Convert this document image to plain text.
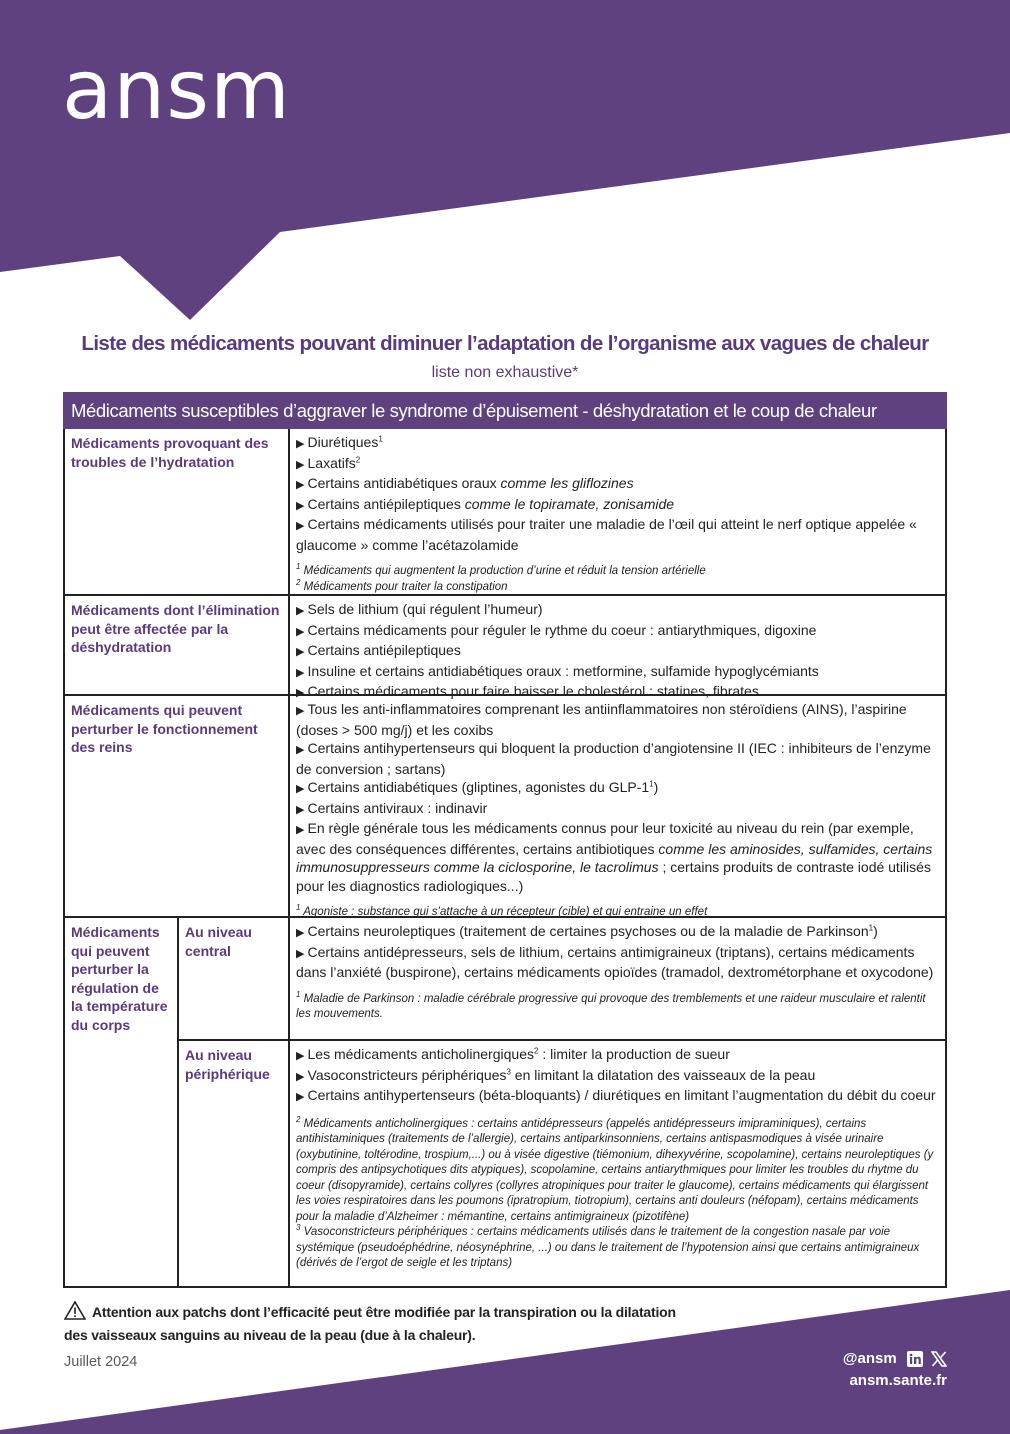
ansm
Liste des médicaments pouvant diminuer l’adaptation de l’organisme aux vagues de chaleur
liste non exhaustive*
Médicaments susceptibles d’aggraver le syndrome d’épuisement - déshydratation et le coup de chaleur
Médicaments provoquant des troubles de l’hydratation
▶ Diurétiques$^1$
▶ Laxatifs$^2$
▶ Certains antidiabétiques oraux comme les gliflozines
▶ Certains antiépileptiques comme le topiramate, zonisamide
▶ Certains médicaments utilisés pour traiter une maladie de l’œil qui atteint le nerf optique appelée « glaucome » comme l’acétazolamide
$^1$ Médicaments qui augmentent la production d’urine et réduit la tension artérielle
$^2$ Médicaments pour traiter la constipation
Médicaments dont l’élimination peut être affectée par la déshydratation
▶ Sels de lithium (qui régulent l’humeur)
▶ Certains médicaments pour réguler le rythme du coeur : antiarythmiques, digoxine
▶ Certains antiépileptiques
▶ Insuline et certains antidiabétiques oraux : metformine, sulfamide hypoglycémiants
▶ Certains médicaments pour faire baisser le cholestérol : statines, fibrates
Médicaments qui peuvent perturber le fonctionnement des reins
▶ Tous les anti-inflammatoires comprenant les antiinflammatoires non stéroïdiens (AINS), l’aspirine (doses > 500 mg/j) et les coxibs
▶ Certains antihypertenseurs qui bloquent la production d’angiotensine II (IEC : inhibiteurs de l’enzyme de conversion ; sartans)
▶ Certains antidiabétiques (gliptines, agonistes du GLP-$1^1$)
▶ Certains antiviraux : indinavir
▶ En règle générale tous les médicaments connus pour leur toxicité au niveau du rein (par exemple, avec des conséquences différentes, certains antibiotiques comme les aminosides, sulfamides, certains immunosuppresseurs comme la ciclosporine, le tacrolimus ; certains produits de contraste iodé utilisés pour les diagnostics radiologiques...)
$^1$ Agoniste : substance qui s’attache à un récepteur (cible) et qui entraine un effet
Médicaments qui peuvent perturber la régulation de la température du corps
Au niveau central
▶ Certains neuroleptiques (traitement de certaines psychoses ou de la maladie de Parkinson$^1$)
▶ Certains antidépresseurs, sels de lithium, certains antimigraineux (triptans), certains médicaments dans l’anxiété (buspirone), certains médicaments opioïdes (tramadol, dextrométorphane et oxycodone)
$^1$ Maladie de Parkinson : maladie cérébrale progressive qui provoque des tremblements et une raideur musculaire et ralentit les mouvements.
Au niveau périphérique
▶ Les médicaments anticholinergiques$^2$ : limiter la production de sueur
▶ Vasoconstricteurs périphériques$^3$ en limitant la dilatation des vaisseaux de la peau
▶ Certains antihypertenseurs (béta-bloquants) / diurétiques en limitant l’augmentation du débit du coeur
$^2$ Médicaments anticholinergiques : certains antidépresseurs (appelés antidépresseurs imipraminiques), certains antihistaminiques (traitements de l’allergie), certains antiparkinsonniens, certains antispasmodiques à visée urinaire (oxybutinine, toltérodine, trospium,...) ou à visée digestive (tiémonium, dihexyvérine, scopolamine), certains neuroleptiques (y compris des antipsychotiques dits atypiques), scopolamine, certains antiarythmiques pour limiter les troubles du rhytme du coeur (disopyramide), certains collyres (collyres atropiniques pour traiter le glaucome), certains médicaments qui élargissent les voies respiratoires dans les poumons (ipratropium, tiotropium), certains anti douleurs (néfopam), certains médicaments pour la maladie d’Alzheimer : mémantine, certains antimigraineux (pizotifène)
$^3$ Vasoconstricteurs périphériques : certains médicaments utilisés dans le traitement de la congestion nasale par voie systémique (pseudoéphédrine, néosynéphrine, ...) ou dans le traitement de l’hypotension ainsi que certains antimigraineux (dérivés de l’ergot de seigle et les triptans)
Attention aux patchs dont l’efficacité peut être modifiée par la transpiration ou la dilatation
des vaisseaux sanguins au niveau de la peau (due à la chaleur).
Juillet 2024	@ansm
ansm.sante.fr
